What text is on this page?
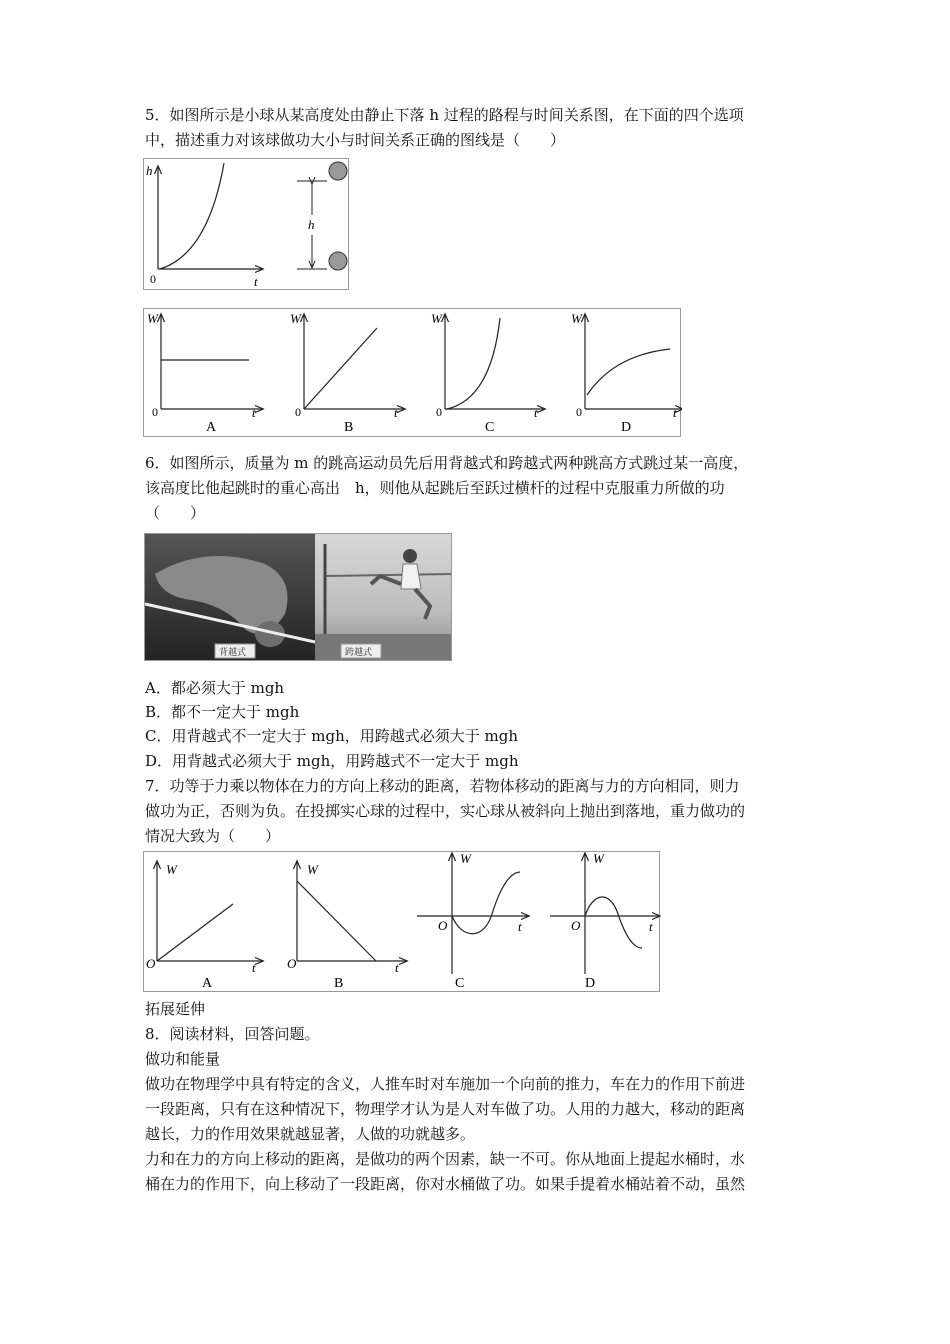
5．如图所示是小球从某高度处由静止下落 h 过程的路程与时间关系图，在下面的四个选项
中，描述重力对该球做功大小与时间关系正确的图线是（　　）
h
0	t
h
W
0	t
A
W
0	t
B
W
0	t
C
W
0	t
D
6．如图所示，质量为 m 的跳高运动员先后用背越式和跨越式两种跳高方式跳过某一高度，
该高度比他起跳时的重心高出　h，则他从起跳后至跃过横杆的过程中克服重力所做的功
（　　）
背越式	跨越式
A．都必须大于 mgh
B．都不一定大于 mgh
C．用背越式不一定大于 mgh，用跨越式必须大于 mgh
D．用背越式必须大于 mgh，用跨越式不一定大于 mgh
7．功等于力乘以物体在力的方向上移动的距离，若物体移动的距离与力的方向相同，则力
做功为正，否则为负。在投掷实心球的过程中，实心球从被斜向上抛出到落地，重力做功的
情况大致为（　　）
W
O	t
A
W
O	t
B
W
O	t
C
W
O	t
D
拓展延伸
8．阅读材料，回答问题。
做功和能量
做功在物理学中具有特定的含义，人推车时对车施加一个向前的推力，车在力的作用下前进
一段距离，只有在这种情况下，物理学才认为是人对车做了功。人用的力越大，移动的距离
越长，力的作用效果就越显著，人做的功就越多。
力和在力的方向上移动的距离，是做功的两个因素，缺一不可。你从地面上提起水桶时，水
桶在力的作用下，向上移动了一段距离，你对水桶做了功。如果手提着水桶站着不动，虽然
